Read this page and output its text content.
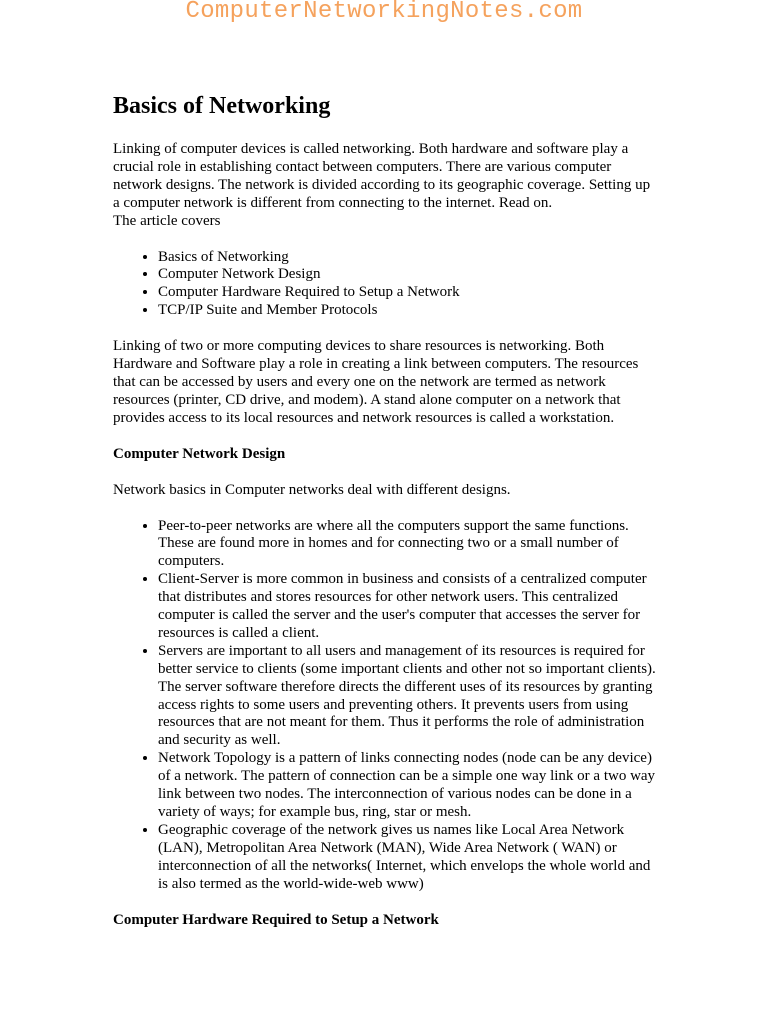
ComputerNetworkingNotes.com
Basics of Networking

Linking of computer devices is called networking. Both hardware and software play a crucial role in establishing contact between computers. There are various computer network designs. The network is divided according to its geographic coverage. Setting up a computer network is different from connecting to the internet. Read on.

The article covers

• Basics of Networking
• Computer Network Design
• Computer Hardware Required to Setup a Network
• TCP/IP Suite and Member Protocols

Linking of two or more computing devices to share resources is networking. Both Hardware and Software play a role in creating a link between computers. The resources that can be accessed by users and every one on the network are termed as network resources (printer, CD drive, and modem). A stand alone computer on a network that provides access to its local resources and network resources is called a workstation.

Computer Network Design

Network basics in Computer networks deal with different designs.

• Peer-to-peer networks are where all the computers support the same functions. These are found more in homes and for connecting two or a small number of computers.
• Client-Server is more common in business and consists of a centralized computer that distributes and stores resources for other network users. This centralized computer is called the server and the user's computer that accesses the server for resources is called a client.
• Servers are important to all users and management of its resources is required for better service to clients (some important clients and other not so important clients). The server software therefore directs the different uses of its resources by granting access rights to some users and preventing others. It prevents users from using resources that are not meant for them. Thus it performs the role of administration and security as well.
• Network Topology is a pattern of links connecting nodes (node can be any device) of a network. The pattern of connection can be a simple one way link or a two way link between two nodes. The interconnection of various nodes can be done in a variety of ways; for example bus, ring, star or mesh.
• Geographic coverage of the network gives us names like Local Area Network (LAN), Metropolitan Area Network (MAN), Wide Area Network ( WAN) or interconnection of all the networks( Internet, which envelops the whole world and is also termed as the world-wide-web www)
Computer Hardware Required to Setup a Network
